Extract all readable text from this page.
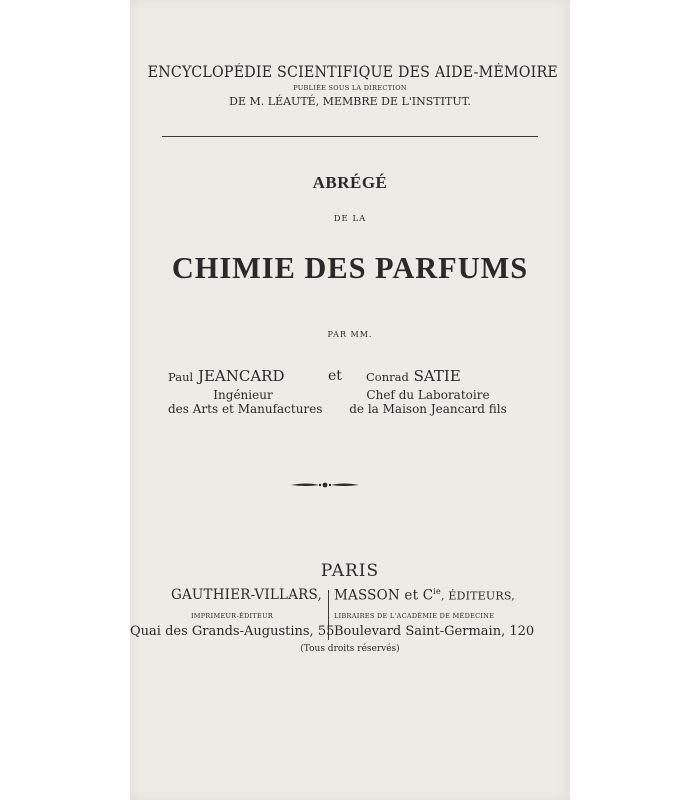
ENCYCLOPÉDIE SCIENTIFIQUE DES AIDE-MÉMOIRE
PUBLIÉE SOUS LA DIRECTION
DE M. LÉAUTÉ, MEMBRE DE L'INSTITUT.
ABRÉGÉ
DE LA
CHIMIE DES PARFUMS
PAR MM.
Paul JEANCARD	et Conrad SATIE
Ingénieur
des Arts et Manufactures
Chef du Laboratoire
de la Maison Jeancard fils
PARIS
GAUTHIER-VILLARS, MASSON et $C^{ie}$, ÉDITEURS,
IMPRIMEUR-ÉDITEUR	LIBRAIRES DE L'ACADÉMIE DE MÉDECINE
Quai des Grands-Augustins, 55 Boulevard Saint-Germain, 120
(Tous droits réservés)
